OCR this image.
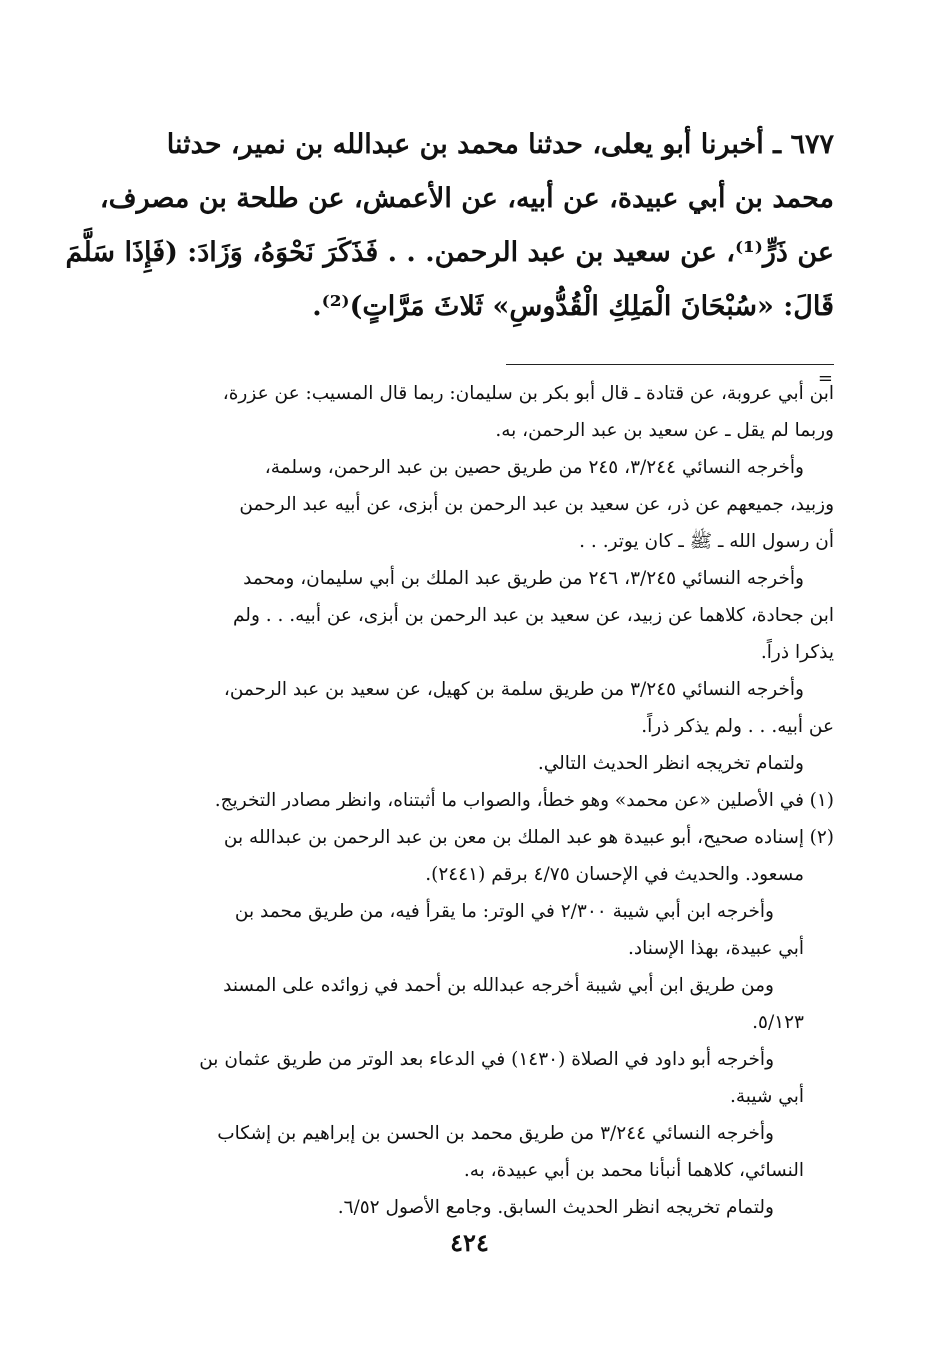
٦٧٧ ـ أخبرنا أبو يعلى، حدثنا محمد بن عبدالله بن نمير، حدثنا

محمد بن أبي عبيدة، عن أبيه، عن الأعمش، عن طلحة بن مصرف،

عن ذَرٍّ⁽¹⁾، عن سعيد بن عبد الرحمن. . . فَذَكَرَ نَحْوَهُ، وَزَادَ: (فَإِذَا سَلَّمَ

قَالَ: «سُبْحَانَ الْمَلِكِ الْقُدُّوسِ» ثَلاثَ مَرَّاتٍ)⁽²⁾.

=

ابن أبي عروبة، عن قتادة ـ قال أبو بكر بن سليمان: ربما قال المسيب: عن عزرة،

وربما لم يقل ـ عن سعيد بن عبد الرحمن، به.

وأخرجه النسائي ٣/٢٤٤، ٢٤٥ من طريق حصين بن عبد الرحمن، وسلمة،

وزبيد، جميعهم عن ذر، عن سعيد بن عبد الرحمن بن أبزى، عن أبيه عبد الرحمن

أن رسول الله ـ ﷺ ـ كان يوتر. . .

وأخرجه النسائي ٣/٢٤٥، ٢٤٦ من طريق عبد الملك بن أبي سليمان، ومحمد

ابن جحادة، كلاهما عن زبيد، عن سعيد بن عبد الرحمن بن أبزى، عن أبيه. . . ولم

يذكرا ذراً.

وأخرجه النسائي ٣/٢٤٥ من طريق سلمة بن كهيل، عن سعيد بن عبد الرحمن،

عن أبيه. . . ولم يذكر ذراً.

ولتمام تخريجه انظر الحديث التالي.

(١)في الأصلين «عن محمد» وهو خطأ، والصواب ما أثبتناه، وانظر مصادر التخريج.

(٢)إسناده صحيح، أبو عبيدة هو عبد الملك بن معن بن عبد الرحمن بن عبدالله بن

مسعود. والحديث في الإحسان ٤/٧٥ برقم (٢٤٤١).

وأخرجه ابن أبي شيبة ٢/٣٠٠ في الوتر: ما يقرأ فيه، من طريق محمد بن

أبي عبيدة، بهذا الإسناد.

ومن طريق ابن أبي شيبة أخرجه عبدالله بن أحمد في زوائده على المسند

٥/١٢٣.

وأخرجه أبو داود في الصلاة (١٤٣٠) في الدعاء بعد الوتر من طريق عثمان بن

أبي شيبة.

وأخرجه النسائي ٣/٢٤٤ من طريق محمد بن الحسن بن إبراهيم بن إشكاب

النسائي، كلاهما أنبأنا محمد بن أبي عبيدة، به.

ولتمام تخريجه انظر الحديث السابق. وجامع الأصول ٦/٥٢.

٤٢٤
